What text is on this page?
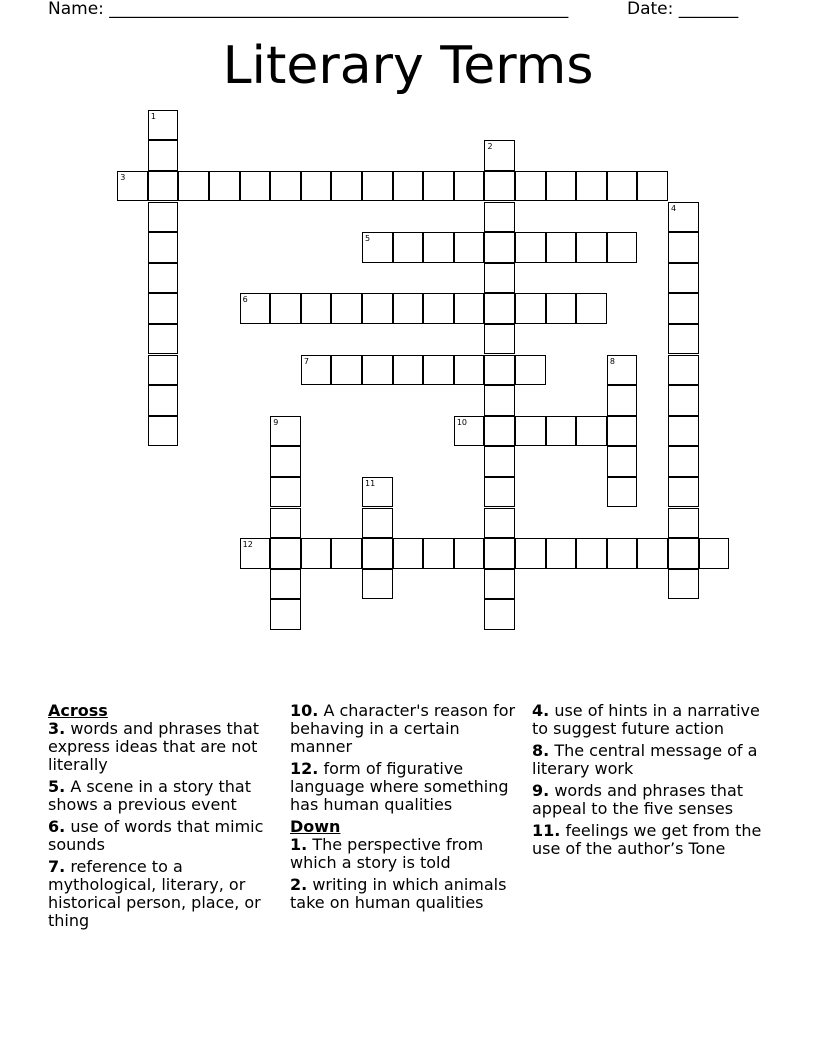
Name: ______________________________________________________	Date: _______
Literary Terms
3
5
6
7
10
12
1
2
4
8
9
11
Across
3. words and phrases that express ideas that are not literally
5. A scene in a story that shows a previous event
6. use of words that mimic sounds
7. reference to a mythological, literary, or historical person, place, or thing
10. A character's reason for behaving in a certain manner
12. form of figurative language where something has human qualities
Down
1. The perspective from which a story is told
2. writing in which animals take on human qualities
4. use of hints in a narrative to suggest future action
8. The central message of a literary work
9. words and phrases that appeal to the five senses
11. feelings we get from the use of the author’s Tone
